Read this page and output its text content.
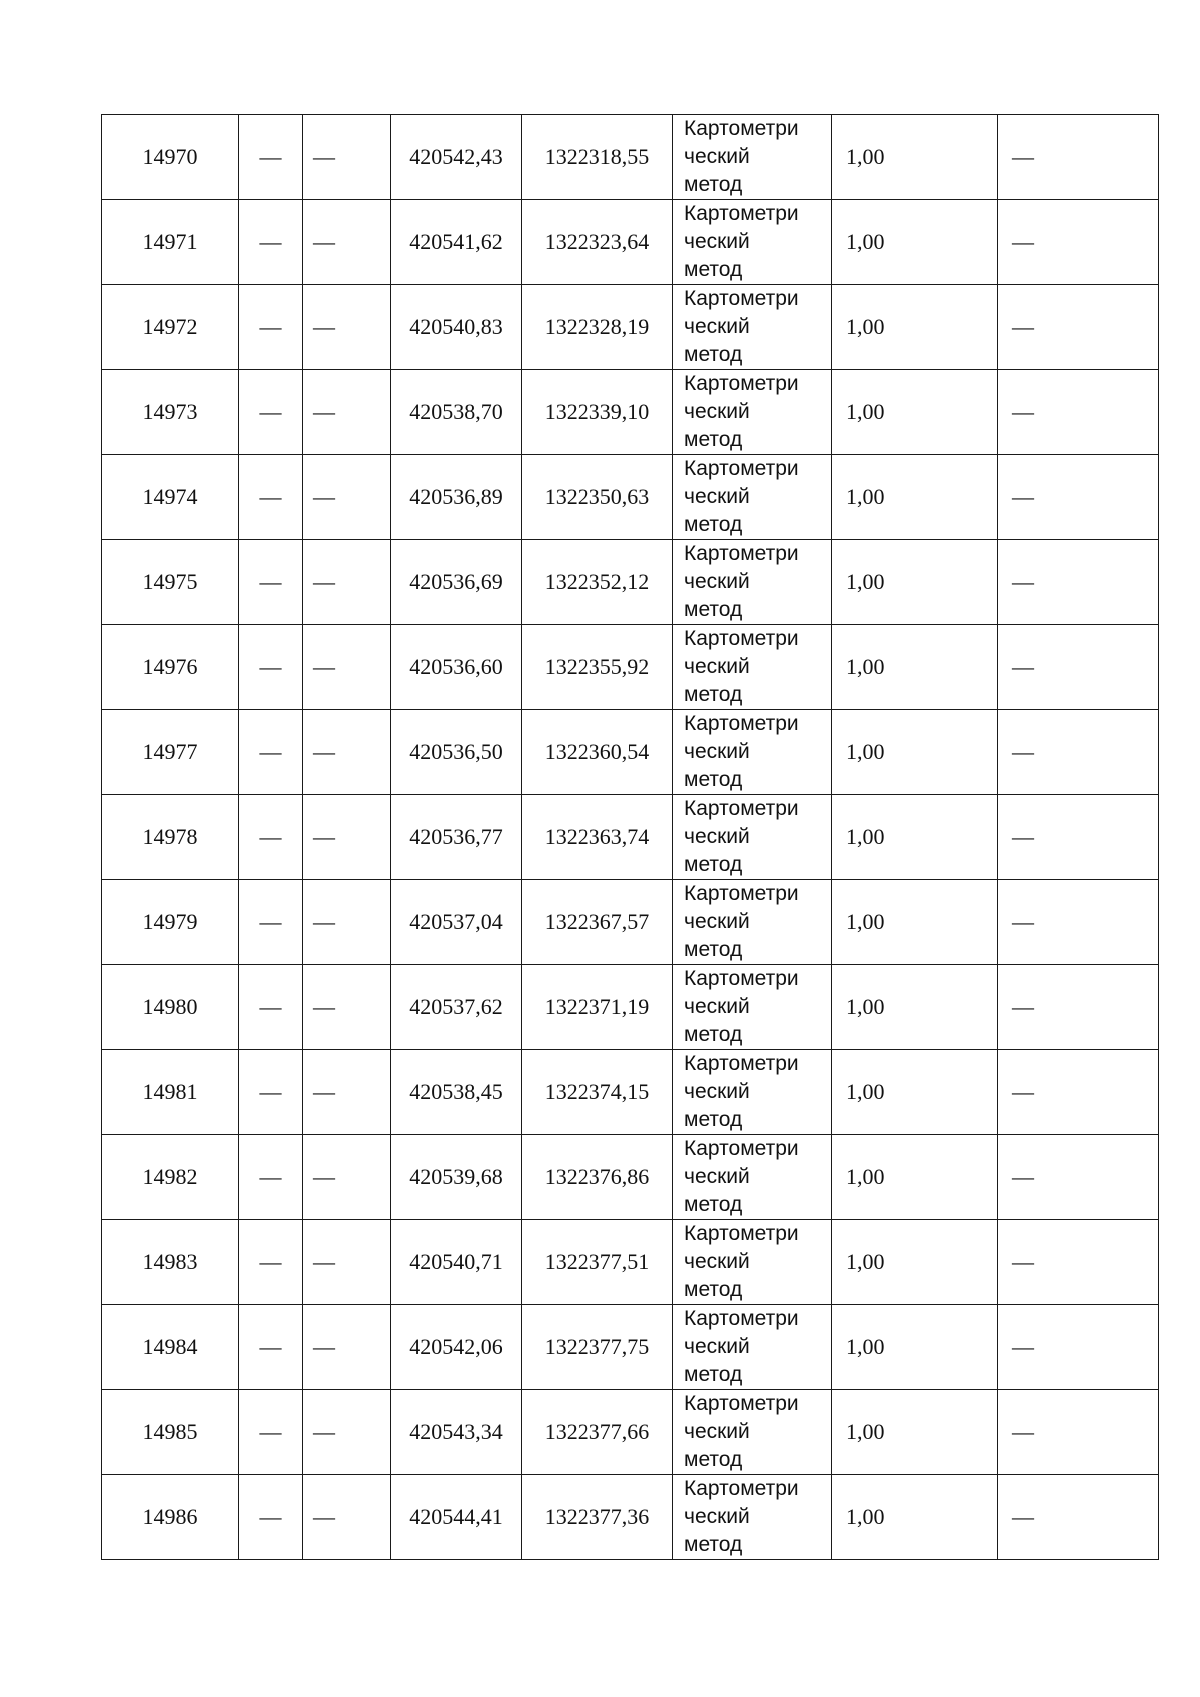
14970	—	—	420542,43	1322318,55	Картометри
ческий
метод	1,00	—
14971	—	—	420541,62	1322323,64	Картометри
ческий
метод	1,00	—
14972	—	—	420540,83	1322328,19	Картометри
ческий
метод	1,00	—
14973	—	—	420538,70	1322339,10	Картометри
ческий
метод	1,00	—
14974	—	—	420536,89	1322350,63	Картометри
ческий
метод	1,00	—
14975	—	—	420536,69	1322352,12	Картометри
ческий
метод	1,00	—
14976	—	—	420536,60	1322355,92	Картометри
ческий
метод	1,00	—
14977	—	—	420536,50	1322360,54	Картометри
ческий
метод	1,00	—
14978	—	—	420536,77	1322363,74	Картометри
ческий
метод	1,00	—
14979	—	—	420537,04	1322367,57	Картометри
ческий
метод	1,00	—
14980	—	—	420537,62	1322371,19	Картометри
ческий
метод	1,00	—
14981	—	—	420538,45	1322374,15	Картометри
ческий
метод	1,00	—
14982	—	—	420539,68	1322376,86	Картометри
ческий
метод	1,00	—
14983	—	—	420540,71	1322377,51	Картометри
ческий
метод	1,00	—
14984	—	—	420542,06	1322377,75	Картометри
ческий
метод	1,00	—
14985	—	—	420543,34	1322377,66	Картометри
ческий
метод	1,00	—
14986	—	—	420544,41	1322377,36	Картометри
ческий
метод	1,00	—
